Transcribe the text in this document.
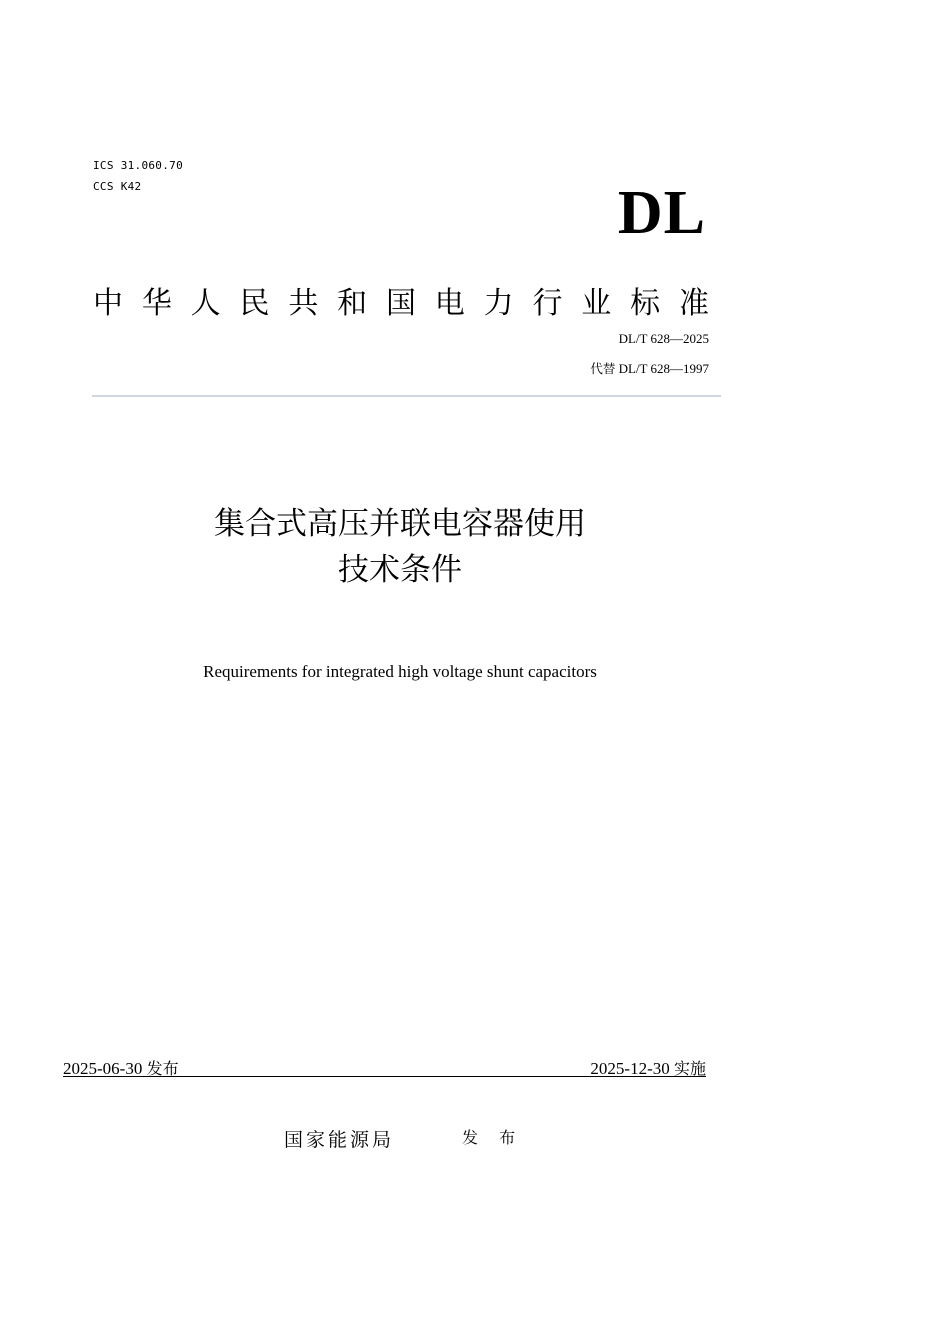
ICS 31.060.70
CCS K42	DL
中 华 人 民 共 和 国 电 力 行 业 标 准
DL/T 628—2025
代替 DL/T 628—1997
集合式高压并联电容器使用
技术条件
Requirements for integrated high voltage shunt capacitors
2025-06-30 发布	2025-12-30 实施
国家能源局	发 布
